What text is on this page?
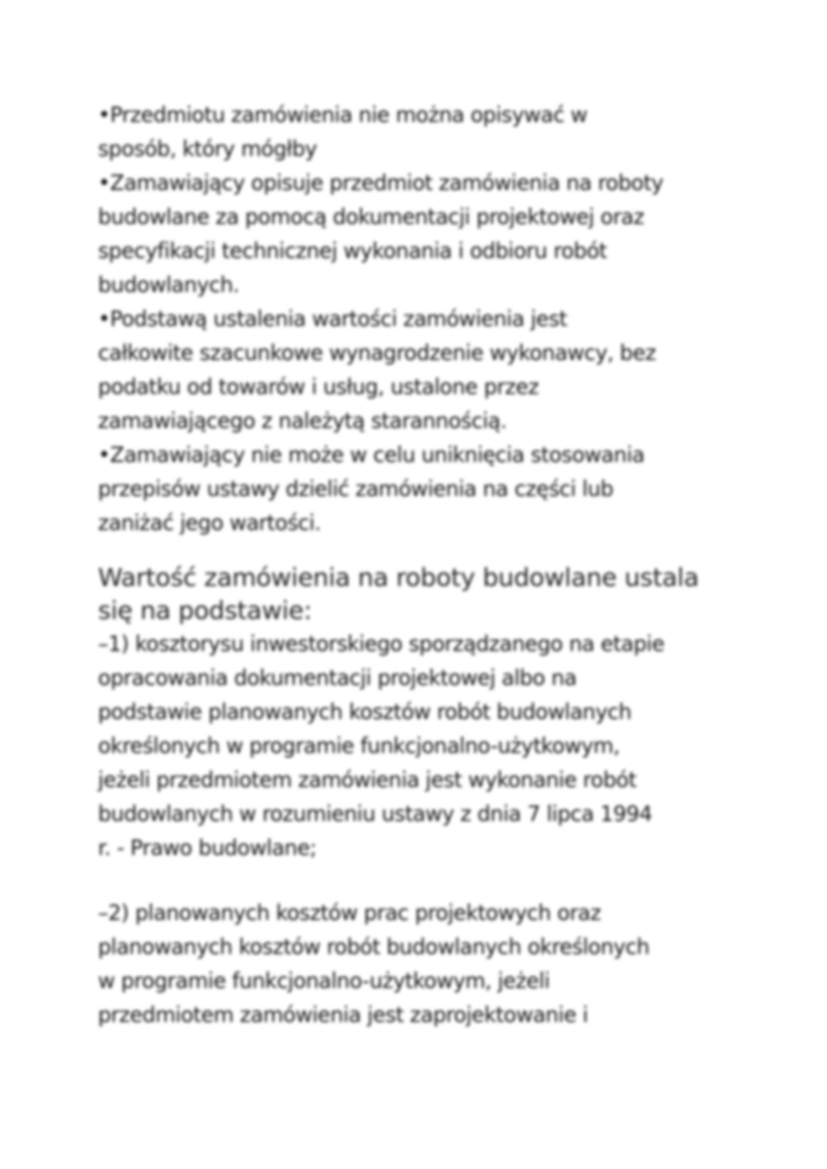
•Przedmiotu zamówienia nie można opisywać w
sposób, który mógłby
•Zamawiający opisuje przedmiot zamówienia na roboty
budowlane za pomocą dokumentacji projektowej oraz
specyfikacji technicznej wykonania i odbioru robót
budowlanych.
•Podstawą ustalenia wartości zamówienia jest
całkowite szacunkowe wynagrodzenie wykonawcy, bez
podatku od towarów i usług, ustalone przez
zamawiającego z należytą starannością.
•Zamawiający nie może w celu uniknięcia stosowania
przepisów ustawy dzielić zamówienia na części lub
zaniżać jego wartości.
Wartość zamówienia na roboty budowlane ustala
się na podstawie:
–1) kosztorysu inwestorskiego sporządzanego na etapie
opracowania dokumentacji projektowej albo na
podstawie planowanych kosztów robót budowlanych
określonych w programie funkcjonalno-użytkowym,
jeżeli przedmiotem zamówienia jest wykonanie robót
budowlanych w rozumieniu ustawy z dnia 7 lipca 1994
r. - Prawo budowlane;
–2) planowanych kosztów prac projektowych oraz
planowanych kosztów robót budowlanych określonych
w programie funkcjonalno-użytkowym, jeżeli
przedmiotem zamówienia jest zaprojektowanie i
